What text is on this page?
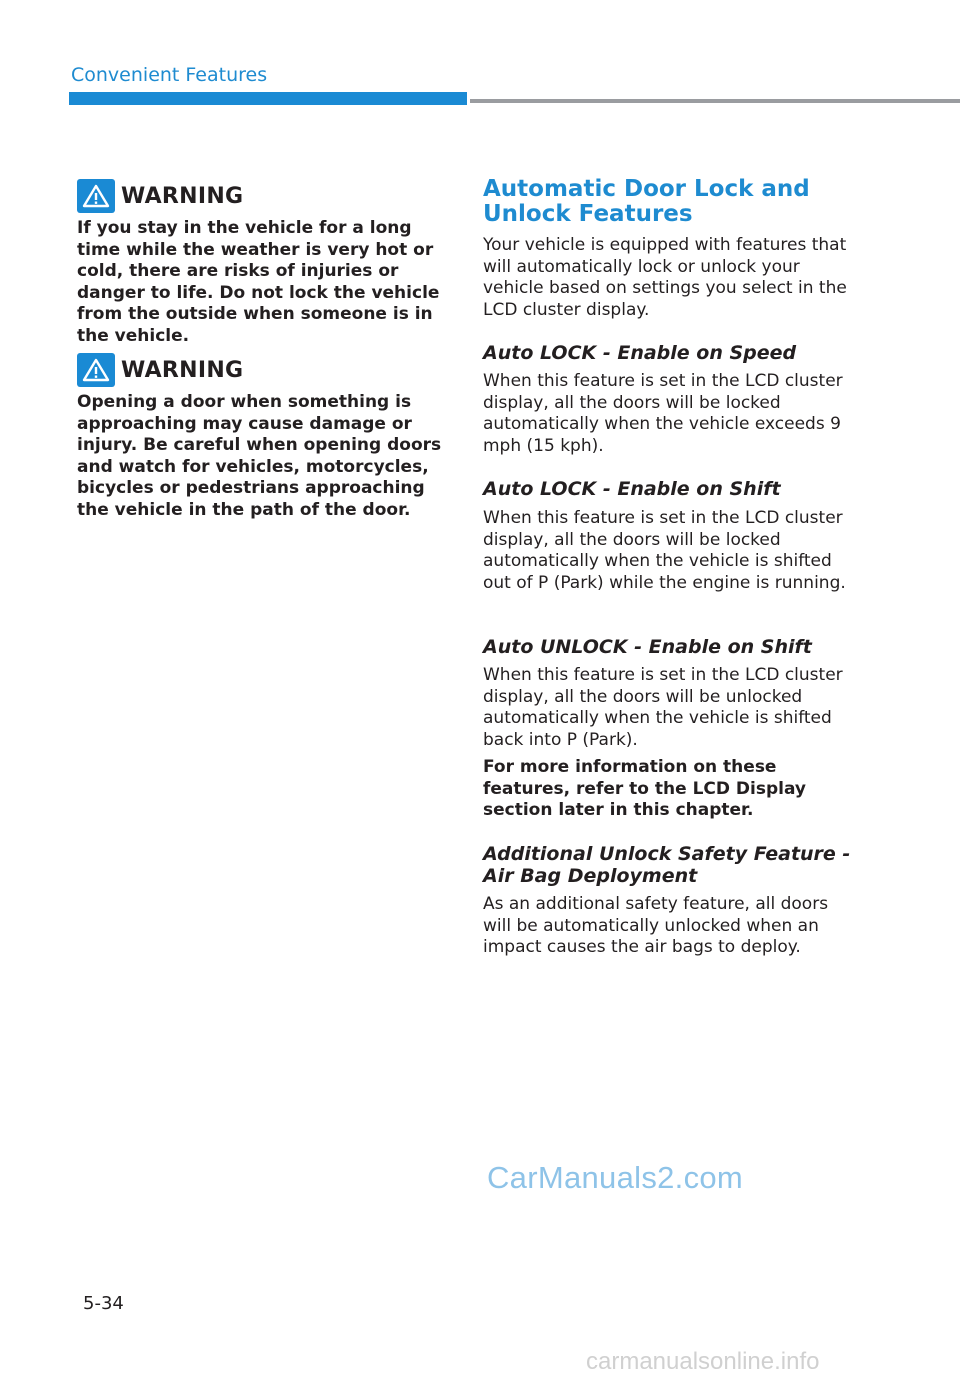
Convenient Features
WARNING
If you stay in the vehicle for a long time while the weather is very hot or cold, there are risks of injuries or danger to life. Do not lock the vehicle from the outside when someone is in the vehicle.
WARNING
Opening a door when something is approaching may cause damage or injury. Be careful when opening doors and watch for vehicles, motorcycles, bicycles or pedestrians approaching the vehicle in the path of the door.
Automatic Door Lock and Unlock Features
Your vehicle is equipped with features that will automatically lock or unlock your vehicle based on settings you select in the LCD cluster display.
Auto LOCK - Enable on Speed
When this feature is set in the LCD cluster display, all the doors will be locked automatically when the vehicle exceeds 9 mph (15 kph).
Auto LOCK - Enable on Shift
When this feature is set in the LCD cluster display, all the doors will be locked automatically when the vehicle is shifted out of P (Park) while the engine is running.
Auto UNLOCK - Enable on Shift
When this feature is set in the LCD cluster display, all the doors will be unlocked automatically when the vehicle is shifted back into P (Park).
For more information on these features, refer to the LCD Display section later in this chapter.
Additional Unlock Safety Feature - Air Bag Deployment
As an additional safety feature, all doors will be automatically unlocked when an impact causes the air bags to deploy.
CarManuals2.com
5-34
carmanualsonline.info
